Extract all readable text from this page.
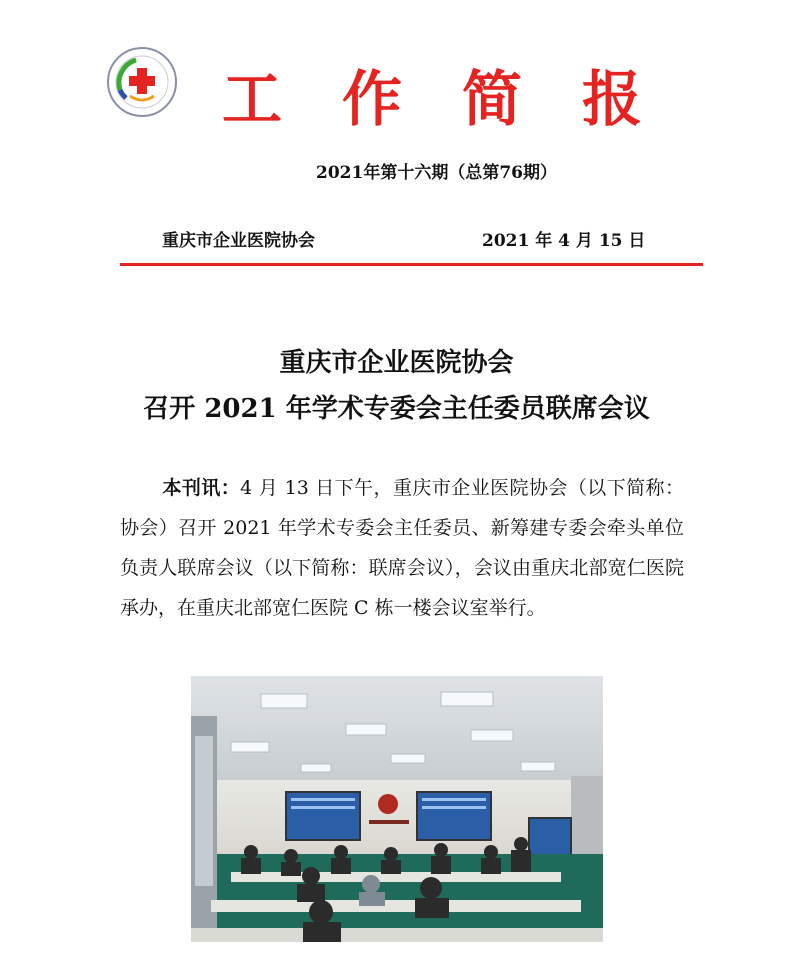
工作简报
2021年第十六期（总第76期）
重庆市企业医院协会	2021 年 4 月 15 日
重庆市企业医院协会
召开 2021 年学术专委会主任委员联席会议
本刊讯：4 月 13 日下午，重庆市企业医院协会（以下简称：协会）召开 2021 年学术专委会主任委员、新筹建专委会牵头单位负责人联席会议（以下简称：联席会议），会议由重庆北部宽仁医院承办，在重庆北部宽仁医院 C 栋一楼会议室举行。
